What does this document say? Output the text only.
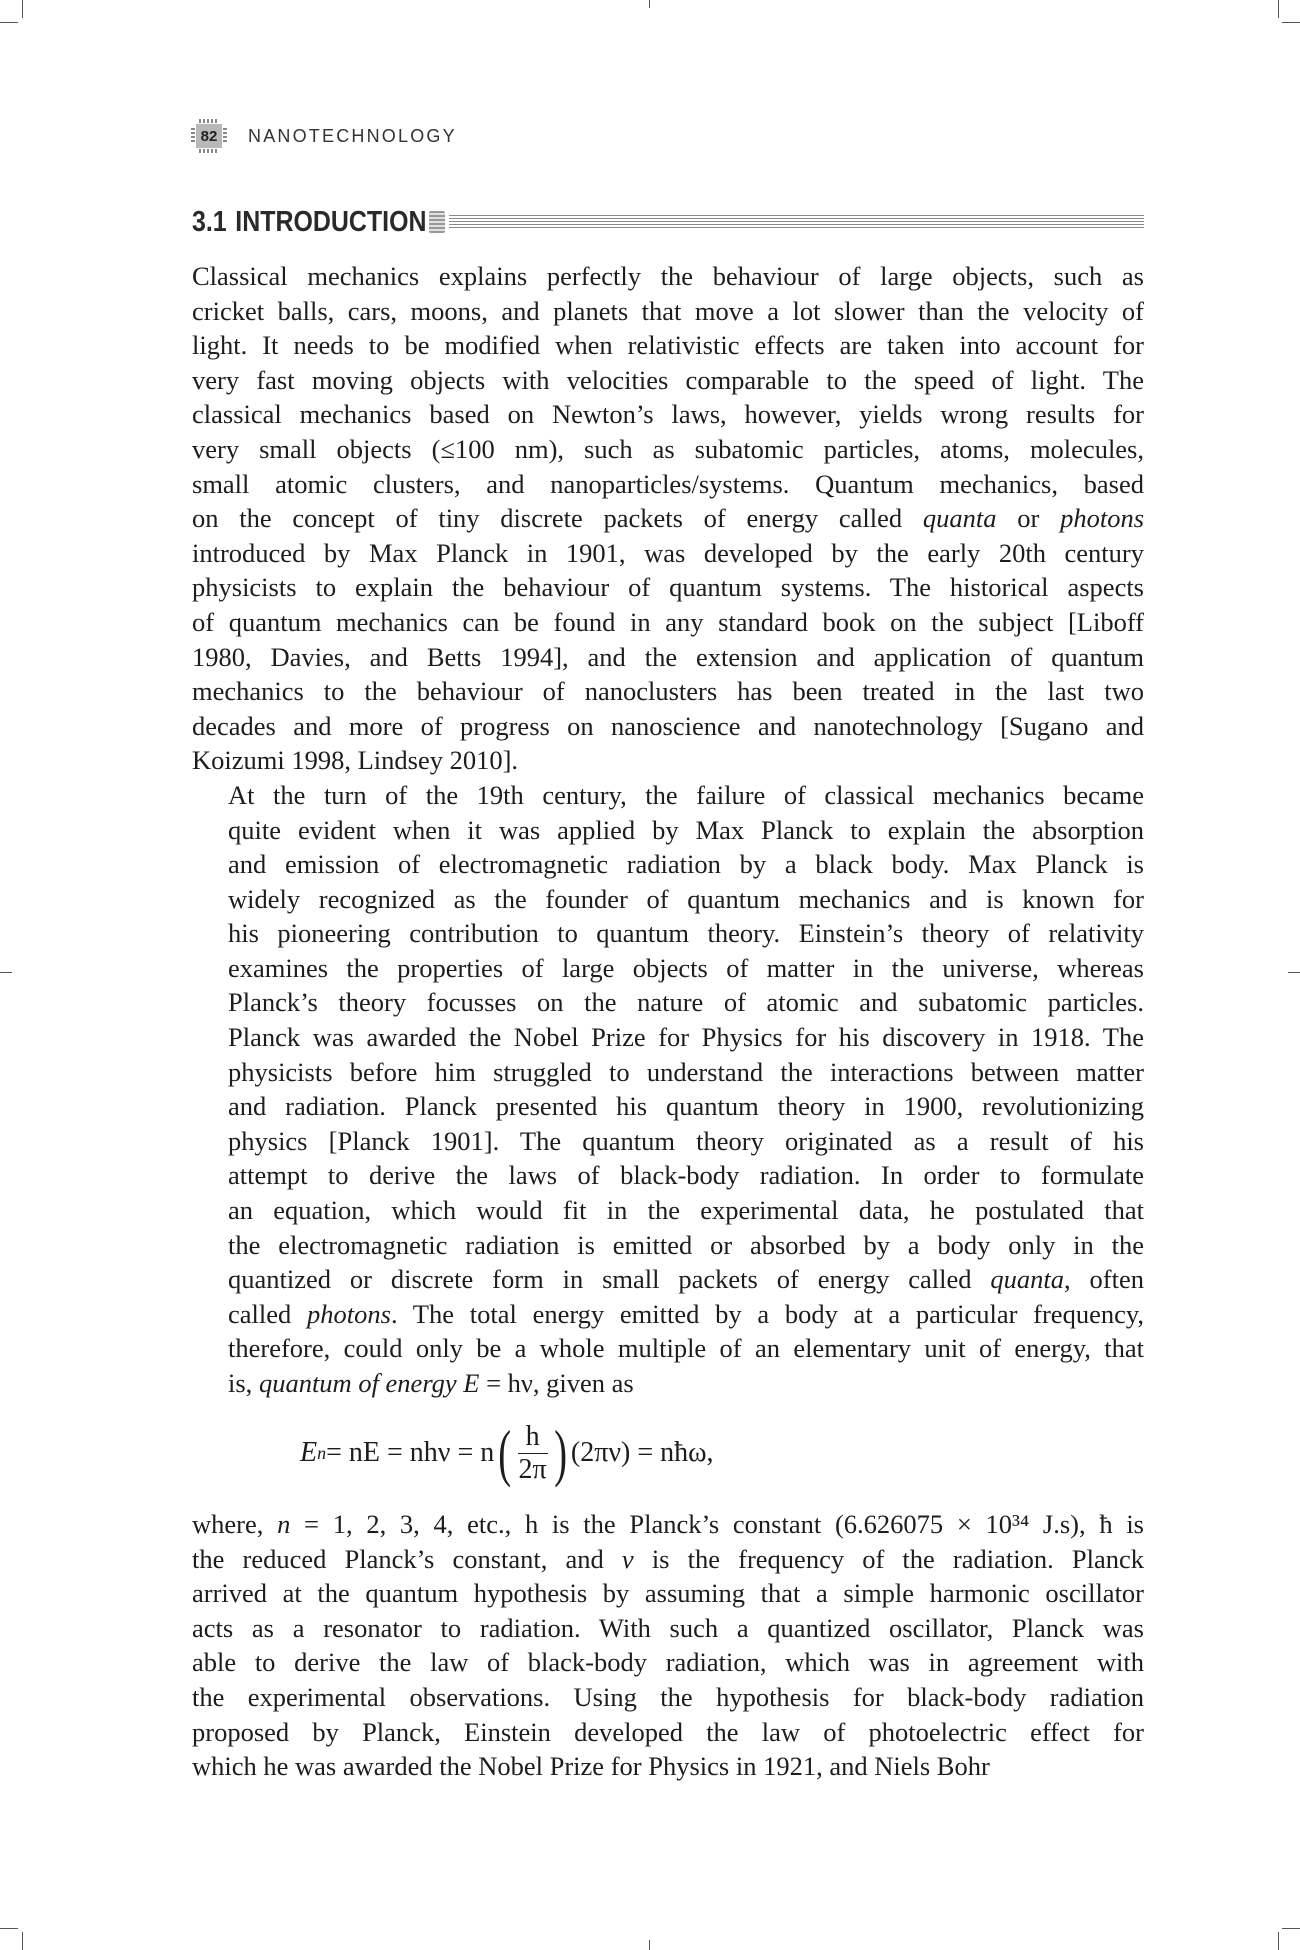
82 NANOTECHNOLOGY
3.1 INTRODUCTION

Classical mechanics explains perfectly the behaviour of large objects, such as
cricket balls, cars, moons, and planets that move a lot slower than the velocity of
light. It needs to be modified when relativistic effects are taken into account for
very fast moving objects with velocities comparable to the speed of light. The
classical mechanics based on Newton’s laws, however, yields wrong results for
very small objects (≤100 nm), such as subatomic particles, atoms, molecules,
small atomic clusters, and nanoparticles/systems. Quantum mechanics, based
on the concept of tiny discrete packets of energy called quanta or photons
introduced by Max Planck in 1901, was developed by the early 20th century
physicists to explain the behaviour of quantum systems. The historical aspects
of quantum mechanics can be found in any standard book on the subject [Liboff
1980, Davies, and Betts 1994], and the extension and application of quantum
mechanics to the behaviour of nanoclusters has been treated in the last two
decades and more of progress on nanoscience and nanotechnology [Sugano and
Koizumi 1998, Lindsey 2010].

At the turn of the 19th century, the failure of classical mechanics became
quite evident when it was applied by Max Planck to explain the absorption
and emission of electromagnetic radiation by a black body. Max Planck is
widely recognized as the founder of quantum mechanics and is known for
his pioneering contribution to quantum theory. Einstein’s theory of relativity
examines the properties of large objects of matter in the universe, whereas
Planck’s theory focusses on the nature of atomic and subatomic particles.
Planck was awarded the Nobel Prize for Physics for his discovery in 1918. The
physicists before him struggled to understand the interactions between matter
and radiation. Planck presented his quantum theory in 1900, revolutionizing
physics [Planck 1901]. The quantum theory originated as a result of his
attempt to derive the laws of black-body radiation. In order to formulate
an equation, which would fit in the experimental data, he postulated that
the electromagnetic radiation is emitted or absorbed by a body only in the
quantized or discrete form in small packets of energy called quanta, often
called photons. The total energy emitted by a body at a particular frequency,
therefore, could only be a whole multiple of an elementary unit of energy, that
is, quantum of energy E = hν, given as

E n = nE = nhν = n ( $\frac{h}{2\pi}$ ) (2πν) = nħω,

where, n = 1, 2, 3, 4, etc., h is the Planck’s constant (6.626075 × 10³⁴ J.s), ħ is
the reduced Planck’s constant, and ν is the frequency of the radiation. Planck
arrived at the quantum hypothesis by assuming that a simple harmonic oscillator
acts as a resonator to radiation. With such a quantized oscillator, Planck was
able to derive the law of black-body radiation, which was in agreement with
the experimental observations. Using the hypothesis for black-body radiation
proposed by Planck, Einstein developed the law of photoelectric effect for
which he was awarded the Nobel Prize for Physics in 1921, and Niels Bohr
